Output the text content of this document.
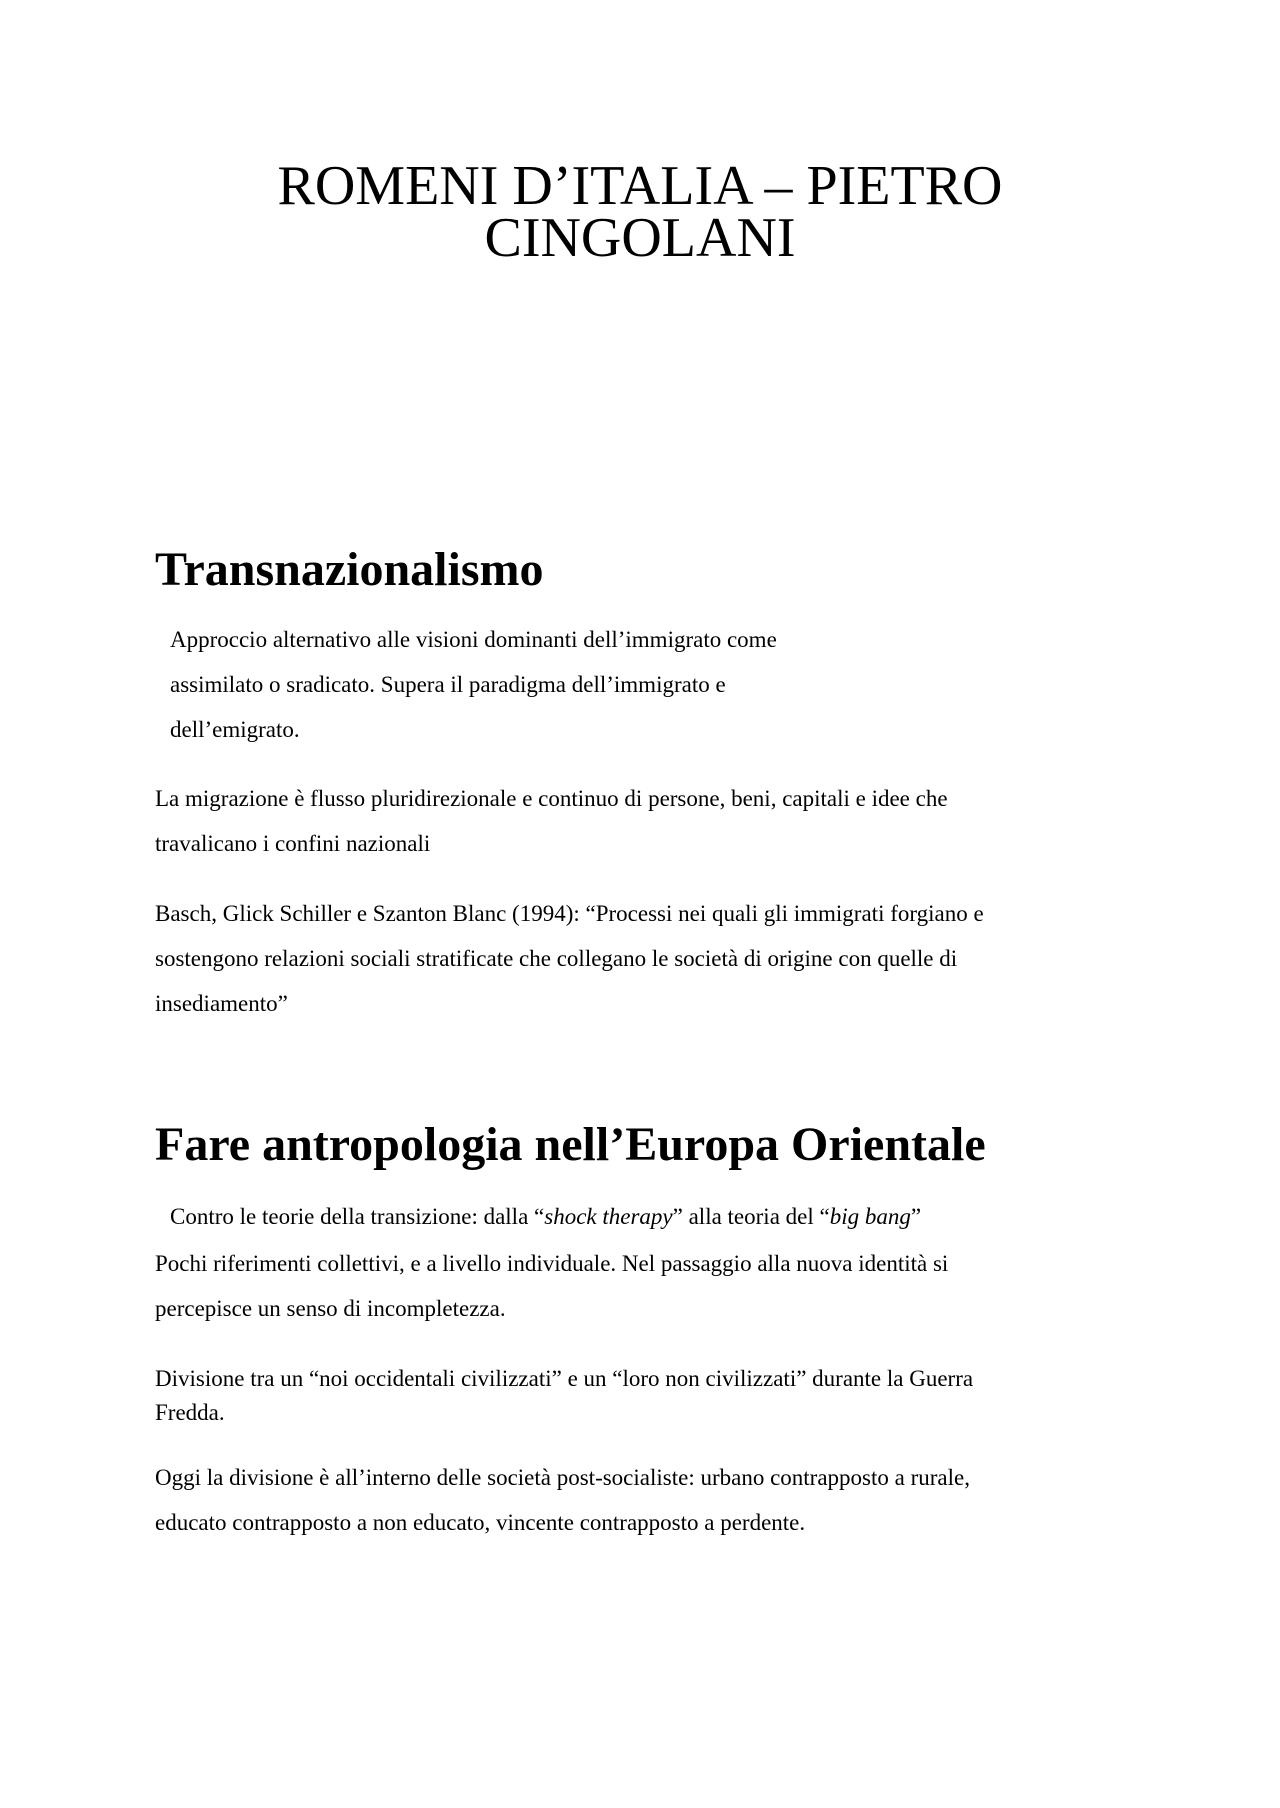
ROMENI D’ITALIA – PIETRO
CINGOLANI
Transnazionalismo

Approccio alternativo alle visioni dominanti dell’immigrato come
assimilato o sradicato. Supera il paradigma dell’immigrato e
dell’emigrato.

La migrazione è flusso pluridirezionale e continuo di persone, beni, capitali e idee che
travalicano i confini nazionali

Basch, Glick Schiller e Szanton Blanc (1994): “Processi nei quali gli immigrati forgiano e
sostengono relazioni sociali stratificate che collegano le società di origine con quelle di
insediamento”

Fare antropologia nell’Europa Orientale

Contro le teorie della transizione: dalla “shock therapy” alla teoria del “big bang”

Pochi riferimenti collettivi, e a livello individuale. Nel passaggio alla nuova identità si
percepisce un senso di incompletezza.

Divisione tra un “noi occidentali civilizzati” e un “loro non civilizzati” durante la Guerra
Fredda.

Oggi la divisione è all’interno delle società post-socialiste: urbano contrapposto a rurale,
educato contrapposto a non educato, vincente contrapposto a perdente.
